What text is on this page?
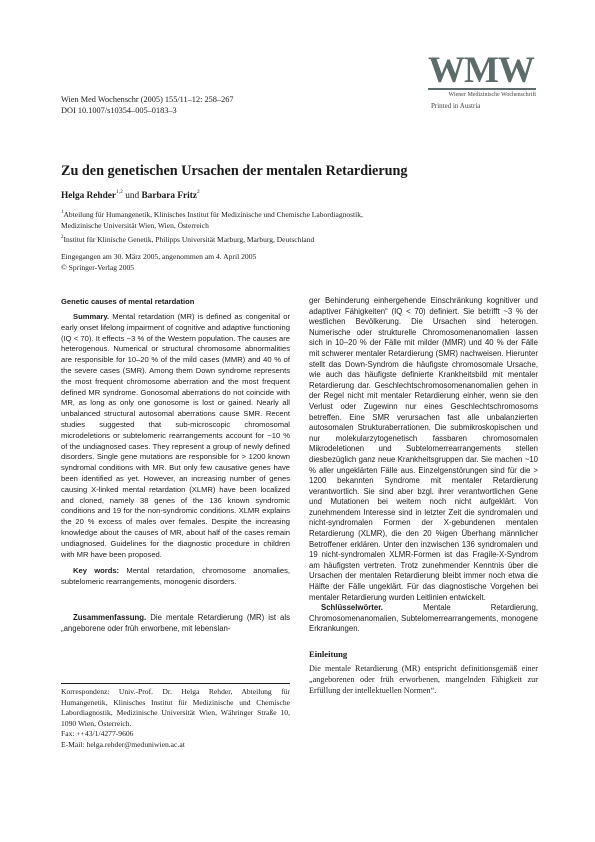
Wien Med Wochenschr (2005) 155/11–12: 258–267
DOI 10.1007/s10354–005–0183–3
WMW
Wiener Medizinische Wochenschrift
Printed in Austria
Zu den genetischen Ursachen der mentalen Retardierung
Helga Rehder$^{1,2}$ und Barbara Fritz$^2$
$^1$Abteilung für Humangenetik, Klinisches Institut für Medizinische und Chemische Labordiagnostik,
Medizinische Universität Wien, Wien, Österreich
$^2$Institut für Klinische Genetik, Philipps Universität Marburg, Marburg, Deutschland
Eingegangen am 30. März 2005, angenommen am 4. April 2005
© Springer-Verlag 2005
Genetic causes of mental retardation

Summary. Mental retardation (MR) is defined as congenital or early onset lifelong impairment of cognitive and adaptive functioning (IQ < 70). It effects ~3 % of the Western population. The causes are heterogenous. Numerical or structural chromosome abnormalities are responsible for 10–20 % of the mild cases (MMR) and 40 % of the severe cases (SMR). Among them Down syndrome represents the most frequent chromosome aberration and the most frequent defined MR syndrome. Gonosomal aberrations do not coincide with MR, as long as only one gonosome is lost or gained. Nearly all unbalanced structural autosomal aberrations cause SMR. Recent studies suggested that sub-microscopic chromosomal microdeletions or subtelomeric rearrangements account for ~10 % of the undiagnosed cases. They represent a group of newly defined disorders. Single gene mutations are responsible for > 1200 known syndromal conditions with MR. But only few causative genes have been identified as yet. However, an increasing number of genes causing X-linked mental retardation (XLMR) have been localized and cloned, namely 38 genes of the 136 known syndromic conditions and 19 for the non-syndromic conditions. XLMR explains the 20 % excess of males over females. Despite the increasing knowledge about the causes of MR, about half of the cases remain undiagnosed. Guidelines for the diagnostic procedure in children with MR have been proposed.

Key words: Mental retardation, chromosome anomalies, subtelomeric rearrangements, monogenic disorders.

Zusammenfassung. Die mentale Retardierung (MR) ist als „angeborene oder früh erworbene, mit lebenslan-

Korrespondenz: Univ.-Prof. Dr. Helga Rehder, Abteilung für Humangenetik, Klinisches Institut für Medizinische und Chemische Labordiagnostik, Medizinische Universität Wien, Währinger Straße 10, 1090 Wien, Österreich.
Fax: ++43/1/4277-9606
E-Mail: helga.rehder@meduniwien.ac.at

ger Behinderung einhergehende Einschränkung kognitiver und adaptiver Fähigkeiten“ (IQ < 70) definiert. Sie betrifft ~3 % der westlichen Bevölkerung. Die Ursachen sind heterogen. Numerische oder strukturelle Chromosomenanomalien lassen sich in 10–20 % der Fälle mit milder (MMR) und 40 % der Fälle mit schwerer mentaler Retardierung (SMR) nachweisen. Hierunter stellt das Down-Syndrom die häufigste chromosomale Ursache, wie auch das häufigste definierte Krankheitsbild mit mentaler Retardierung dar. Geschlechtschromosomenanomalien gehen in der Regel nicht mit mentaler Retardierung einher, wenn sie den Verlust oder Zugewinn nur eines Geschlechtschromosoms betreffen. Eine SMR verursachen fast alle unbalanzierten autosomalen Strukturaberrationen. Die submikroskopischen und nur molekularzytogenetisch fassbaren chromosomalen Mikrodeletionen und Subtelomerrearrangements stellen diesbezüglich ganz neue Krankheitsgruppen dar. Sie machen ~10 % aller ungeklärten Fälle aus. Einzelgenstörungen sind für die > 1200 bekannten Syndrome mit mentaler Retardierung verantwortlich. Sie sind aber bzgl. ihrer verantwortlichen Gene und Mutationen bei weitem noch nicht aufgeklärt. Von zunehmendem Interesse sind in letzter Zeit die syndromalen und nicht-syndromalen Formen der X-gebundenen mentalen Retardierung (XLMR), die den 20 %igen Überhang männlicher Betroffener erklären. Unter den inzwischen 136 syndromalen und 19 nicht-syndromalen XLMR-Formen ist das Fragile-X-Syndrom am häufigsten vertreten. Trotz zunehmender Kenntnis über die Ursachen der mentalen Retardierung bleibt immer noch etwa die Hälfte der Fälle ungeklärt. Für das diagnostische Vorgehen bei mentaler Retardierung wurden Leitlinien entwickelt.

Schlüsselwörter. Mentale Retardierung, Chromosomenanomalien, Subtelomerrearrangements, monogene Erkrankungen.

Einleitung

Die mentale Retardierung (MR) entspricht definitionsgemäß einer „angeborenen oder früh erworbenen, mangelnden Fähigkeit zur Erfüllung der intellektuellen Normen“.
